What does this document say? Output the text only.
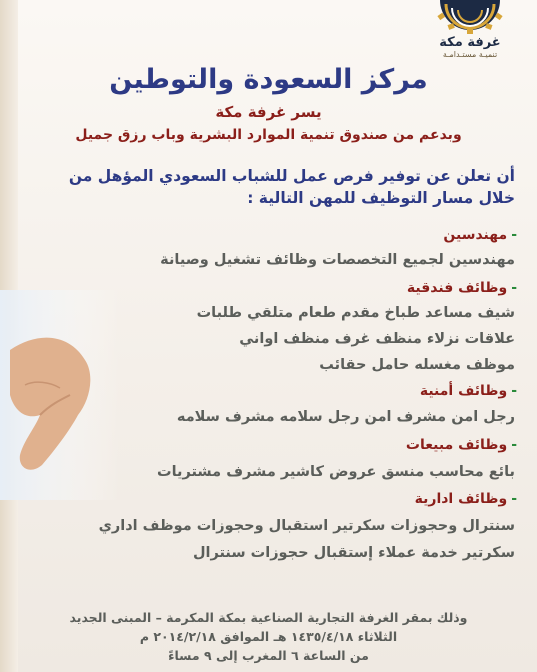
غرفة مكة
تنميـة مستـدامـة
مركز السعودة والتوطين
يسر غرفة مكة
وبدعم من صندوق تنمية الموارد البشرية وباب رزق جميل
أن تعلن عن توفير فرص عمل للشباب السعودي المؤهل من
خلال مسار التوظيف للمهن التالية :
-مهندسين
مهندسين لجميع التخصصات وظائف تشغيل وصيانة
-وظائف فندقية
شيف مساعد طباخ مقدم طعام متلقي طلبات
علاقات نزلاء منظف غرف منظف اواني
موظف مغسله حامل حقائب
-وظائف أمنية
رجل امن مشرف امن رجل سلامه مشرف سلامه
-وظائف مبيعات
بائع محاسب منسق عروض كاشير مشرف مشتريات
-وظائف ادارية
سنترال وحجوزات سكرتير استقبال وحجوزات موظف اداري
سكرتير خدمة عملاء إستقبال حجوزات سنترال
وذلك بمقر الغرفة التجارية الصناعية بمكة المكرمة – المبنى الجديد
الثلاثاء ١٤٣٥/٤/١٨ هـ الموافق ٢٠١٤/٢/١٨ م
من الساعة ٦ المغرب إلى ٩ مساءً
